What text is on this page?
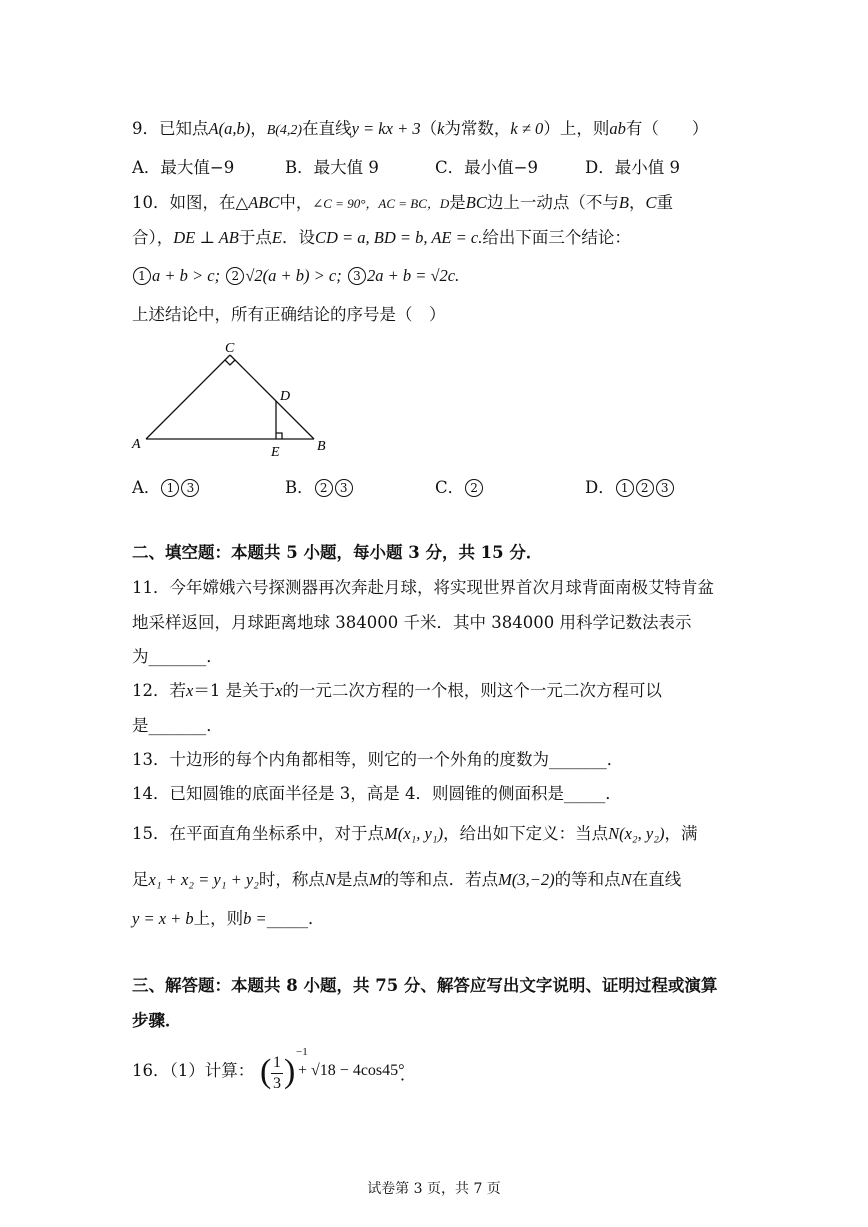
9．已知点A(a,b)，B(4,2)在直线y = kx + 3（k为常数，k ≠ 0）上，则ab有（　　）
A．最大值−9	B．最大值 9	C．最小值−9	D．最小值 9
10．如图，在△ABC中，∠C = 90°，AC = BC，D是BC边上一动点（不与B，C重
合），DE ⊥ AB于点E．设CD = a, BD = b, AE = c.给出下面三个结论：
1 a + b > c; 2 √2(a + b) > c; 3 2a + b = √2c.
上述结论中，所有正确结论的序号是（　）
C
D
A
E	B
A． 1 3	B． 2 3	C． 2	D． 1 2 3
二、填空题：本题共 5 小题，每小题 3 分，共 15 分．
11．今年嫦娥六号探测器再次奔赴月球，将实现世界首次月球背面南极艾特肯盆
地采样返回，月球距离地球 384000 千米．其中 384000 用科学记数法表示
为_______．
12．若x＝1 是关于x的一元二次方程的一个根，则这个一元二次方程可以
是_______．
13．十边形的每个内角都相等，则它的一个外角的度数为_______．
14．已知圆锥的底面半径是 3，高是 4．则圆锥的侧面积是_____．
15．在平面直角坐标系中，对于点M(x₁, y₁)，给出如下定义：当点N(x₂, y₂)，满
足x₁ + x₂ = y₁ + y₂时，称点N是点M的等和点．若点M(3,−2)的等和点N在直线
y = x + b上，则b =_____．
三、解答题：本题共 8 小题，共 75 分、解答应写出文字说明、证明过程或演算
步骤．
16．（1）计算： ( 1
3 )
−1
+ √18 − 4cos45°
．
试卷第 3 页，共 7 页
